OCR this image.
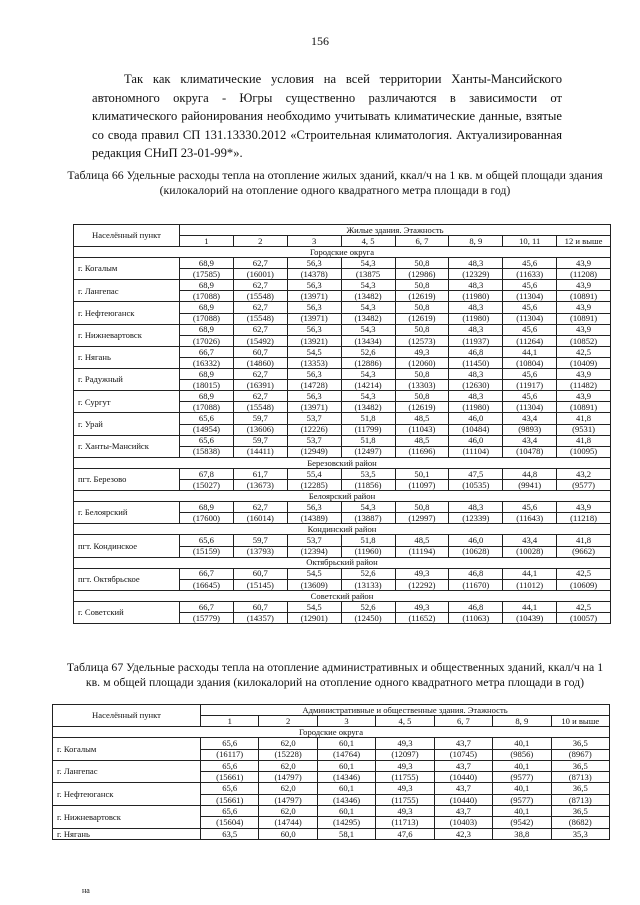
156
Так как климатические условия на всей территории Ханты-Мансийского автономного округа - Югры существенно различаются в зависимости от климатического районирования необходимо учитывать климатические данные, взятые со свода правил СП 131.13330.2012 «Строительная климатология. Актуализированная редакция СНиП 23-01-99*».
Таблица 66 Удельные расходы тепла на отопление жилых зданий, ккал/ч на 1 кв. м общей площади здания (килокалорий на отопление одного квадратного метра площади в год)
Населённый пункт	Жилые здания. Этажность							
	1	2	3	4, 5	6, 7	8, 9	10, 11	12 и выше
Городские округа								
г. Когалым	68,9	62,7	56,3	54,3	50,8	48,3	45,6	43,9
	(17585)	(16001)	(14378)	(13875	(12986)	(12329)	(11633)	(11208)
г. Лангепас	68,9	62,7	56,3	54,3	50,8	48,3	45,6	43,9
	(17088)	(15548)	(13971)	(13482)	(12619)	(11980)	(11304)	(10891)
г. Нефтеюганск	68,9	62,7	56,3	54,3	50,8	48,3	45,6	43,9
	(17088)	(15548)	(13971)	(13482)	(12619)	(11980)	(11304)	(10891)
г. Нижневартовск	68,9	62,7	56,3	54,3	50,8	48,3	45,6	43,9
	(17026)	(15492)	(13921)	(13434)	(12573)	(11937)	(11264)	(10852)
г. Нягань	66,7	60,7	54,5	52,6	49,3	46,8	44,1	42,5
	(16332)	(14860)	(13353)	(12886)	(12060)	(11450)	(10804)	(10409)
г. Радужный	68,9	62,7	56,3	54,3	50,8	48,3	45,6	43,9
	(18015)	(16391)	(14728)	(14214)	(13303)	(12630)	(11917)	(11482)
г. Сургут	68,9	62,7	56,3	54,3	50,8	48,3	45,6	43,9
	(17088)	(15548)	(13971)	(13482)	(12619)	(11980)	(11304)	(10891)
г. Урай	65,6	59,7	53,7	51,8	48,5	46,0	43,4	41,8
	(14954)	(13606)	(12226)	(11799)	(11043)	(10484)	(9893)	(9531)
г. Ханты-Мансийск	65,6	59,7	53,7	51,8	48,5	46,0	43,4	41,8
	(15838)	(14411)	(12949)	(12497)	(11696)	(11104)	(10478)	(10095)
Березовский район								
пгт. Березово	67,8	61,7	55,4	53,5	50,1	47,5	44,8	43,2
	(15027)	(13673)	(12285)	(11856)	(11097)	(10535)	(9941)	(9577)
Белоярский район								
г. Белоярский	68,9	62,7	56,3	54,3	50,8	48,3	45,6	43,9
	(17600)	(16014)	(14389)	(13887)	(12997)	(12339)	(11643)	(11218)
Кондинский район								
пгт. Кондинское	65,6	59,7	53,7	51,8	48,5	46,0	43,4	41,8
	(15159)	(13793)	(12394)	(11960)	(11194)	(10628)	(10028)	(9662)
Октябрьский район								
пгт. Октябрьское	66,7	60,7	54,5	52,6	49,3	46,8	44,1	42,5
	(16645)	(15145)	(13609)	(13133)	(12292)	(11670)	(11012)	(10609)
Советский район								
г. Советский	66,7	60,7	54,5	52,6	49,3	46,8	44,1	42,5
	(15779)	(14357)	(12901)	(12450)	(11652)	(11063)	(10439)	(10057)
Таблица 67 Удельные расходы тепла на отопление административных и общественных зданий, ккал/ч на 1 кв. м общей площади здания (килокалорий на отопление одного квадратного метра площади в год)
Населённый пункт	Административные и общественные здания. Этажность						
	1	2	3	4, 5	6, 7	8, 9	10 и выше
Городские округа							
г. Когалым	65,6	62,0	60,1	49,3	43,7	40,1	36,5
	(16117)	(15228)	(14764)	(12097)	(10745)	(9856)	(8967)
г. Лангепас	65,6	62,0	60,1	49,3	43,7	40,1	36,5
	(15661)	(14797)	(14346)	(11755)	(10440)	(9577)	(8713)
г. Нефтеюганск	65,6	62,0	60,1	49,3	43,7	40,1	36,5
	(15661)	(14797)	(14346)	(11755)	(10440)	(9577)	(8713)
г. Нижневартовск	65,6	62,0	60,1	49,3	43,7	40,1	36,5
	(15604)	(14744)	(14295)	(11713)	(10403)	(9542)	(8682)
г. Нягань	63,5	60,0	58,1	47,6	42,3	38,8	35,3
на
